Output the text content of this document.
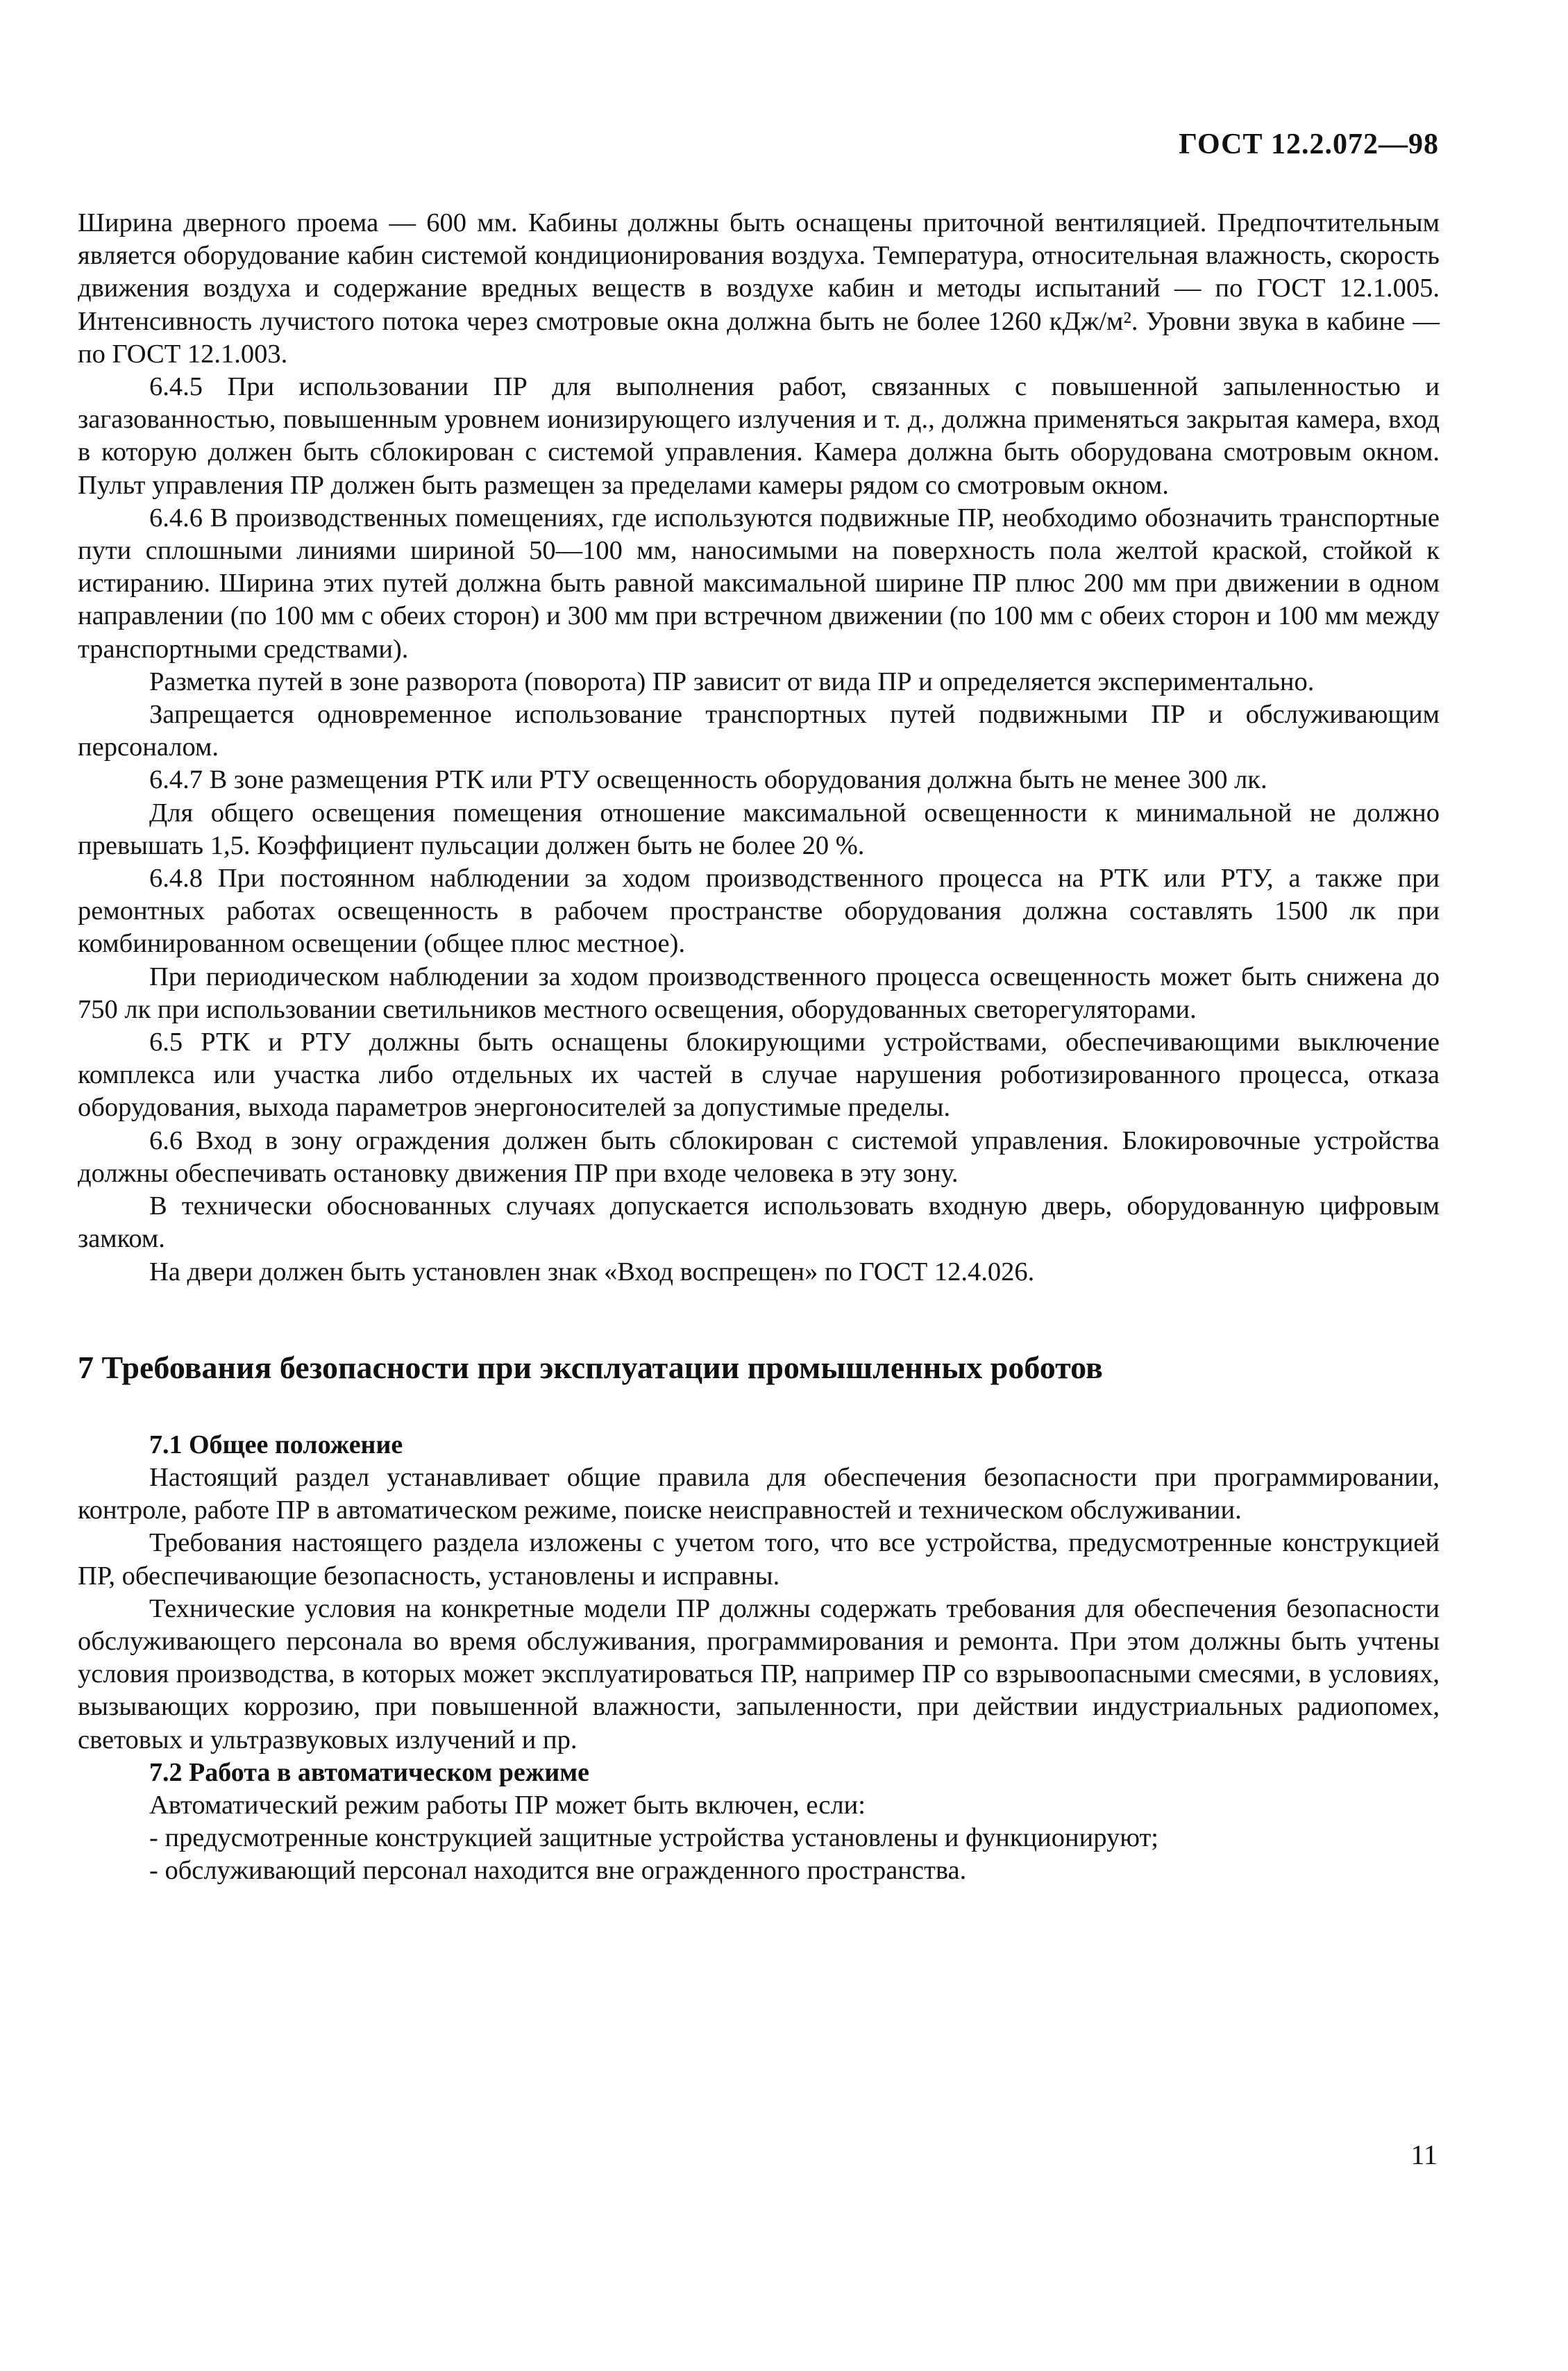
ГОСТ 12.2.072—98

Ширина дверного проема — 600 мм. Кабины должны быть оснащены приточной вентиляцией. Предпочтительным является оборудование кабин системой кондиционирования воздуха. Температура, относительная влажность, скорость движения воздуха и содержание вредных веществ в воздухе кабин и методы испытаний — по ГОСТ 12.1.005. Интенсивность лучистого потока через смотровые окна должна быть не более 1260 кДж/м². Уровни звука в кабине — по ГОСТ 12.1.003.

6.4.5 При использовании ПР для выполнения работ, связанных с повышенной запыленностью и загазованностью, повышенным уровнем ионизирующего излучения и т. д., должна применяться закрытая камера, вход в которую должен быть сблокирован с системой управления. Камера должна быть оборудована смотровым окном. Пульт управления ПР должен быть размещен за пределами камеры рядом со смотровым окном.

6.4.6 В производственных помещениях, где используются подвижные ПР, необходимо обозначить транспортные пути сплошными линиями шириной 50—100 мм, наносимыми на поверхность пола желтой краской, стойкой к истиранию. Ширина этих путей должна быть равной максимальной ширине ПР плюс 200 мм при движении в одном направлении (по 100 мм с обеих сторон) и 300 мм при встречном движении (по 100 мм с обеих сторон и 100 мм между транспортными средствами).

Разметка путей в зоне разворота (поворота) ПР зависит от вида ПР и определяется экспериментально.

Запрещается одновременное использование транспортных путей подвижными ПР и обслуживающим персоналом.

6.4.7 В зоне размещения РТК или РТУ освещенность оборудования должна быть не менее 300 лк.

Для общего освещения помещения отношение максимальной освещенности к минимальной не должно превышать 1,5. Коэффициент пульсации должен быть не более 20 %.

6.4.8 При постоянном наблюдении за ходом производственного процесса на РТК или РТУ, а также при ремонтных работах освещенность в рабочем пространстве оборудования должна составлять 1500 лк при комбинированном освещении (общее плюс местное).

При периодическом наблюдении за ходом производственного процесса освещенность может быть снижена до 750 лк при использовании светильников местного освещения, оборудованных светорегуляторами.

6.5 РТК и РТУ должны быть оснащены блокирующими устройствами, обеспечивающими выключение комплекса или участка либо отдельных их частей в случае нарушения роботизированного процесса, отказа оборудования, выхода параметров энергоносителей за допустимые пределы.

6.6 Вход в зону ограждения должен быть сблокирован с системой управления. Блокировочные устройства должны обеспечивать остановку движения ПР при входе человека в эту зону.

В технически обоснованных случаях допускается использовать входную дверь, оборудованную цифровым замком.

На двери должен быть установлен знак «Вход воспрещен» по ГОСТ 12.4.026.

7 Требования безопасности при эксплуатации промышленных роботов
7.1 Общее положение

Настоящий раздел устанавливает общие правила для обеспечения безопасности при программировании, контроле, работе ПР в автоматическом режиме, поиске неисправностей и техническом обслуживании.

Требования настоящего раздела изложены с учетом того, что все устройства, предусмотренные конструкцией ПР, обеспечивающие безопасность, установлены и исправны.

Технические условия на конкретные модели ПР должны содержать требования для обеспечения безопасности обслуживающего персонала во время обслуживания, программирования и ремонта. При этом должны быть учтены условия производства, в которых может эксплуатироваться ПР, например ПР со взрывоопасными смесями, в условиях, вызывающих коррозию, при повышенной влажности, запыленности, при действии индустриальных радиопомех, световых и ультразвуковых излучений и пр.

7.2 Работа в автоматическом режиме

Автоматический режим работы ПР может быть включен, если:

- предусмотренные конструкцией защитные устройства установлены и функционируют;

- обслуживающий персонал находится вне огражденного пространства.

11
